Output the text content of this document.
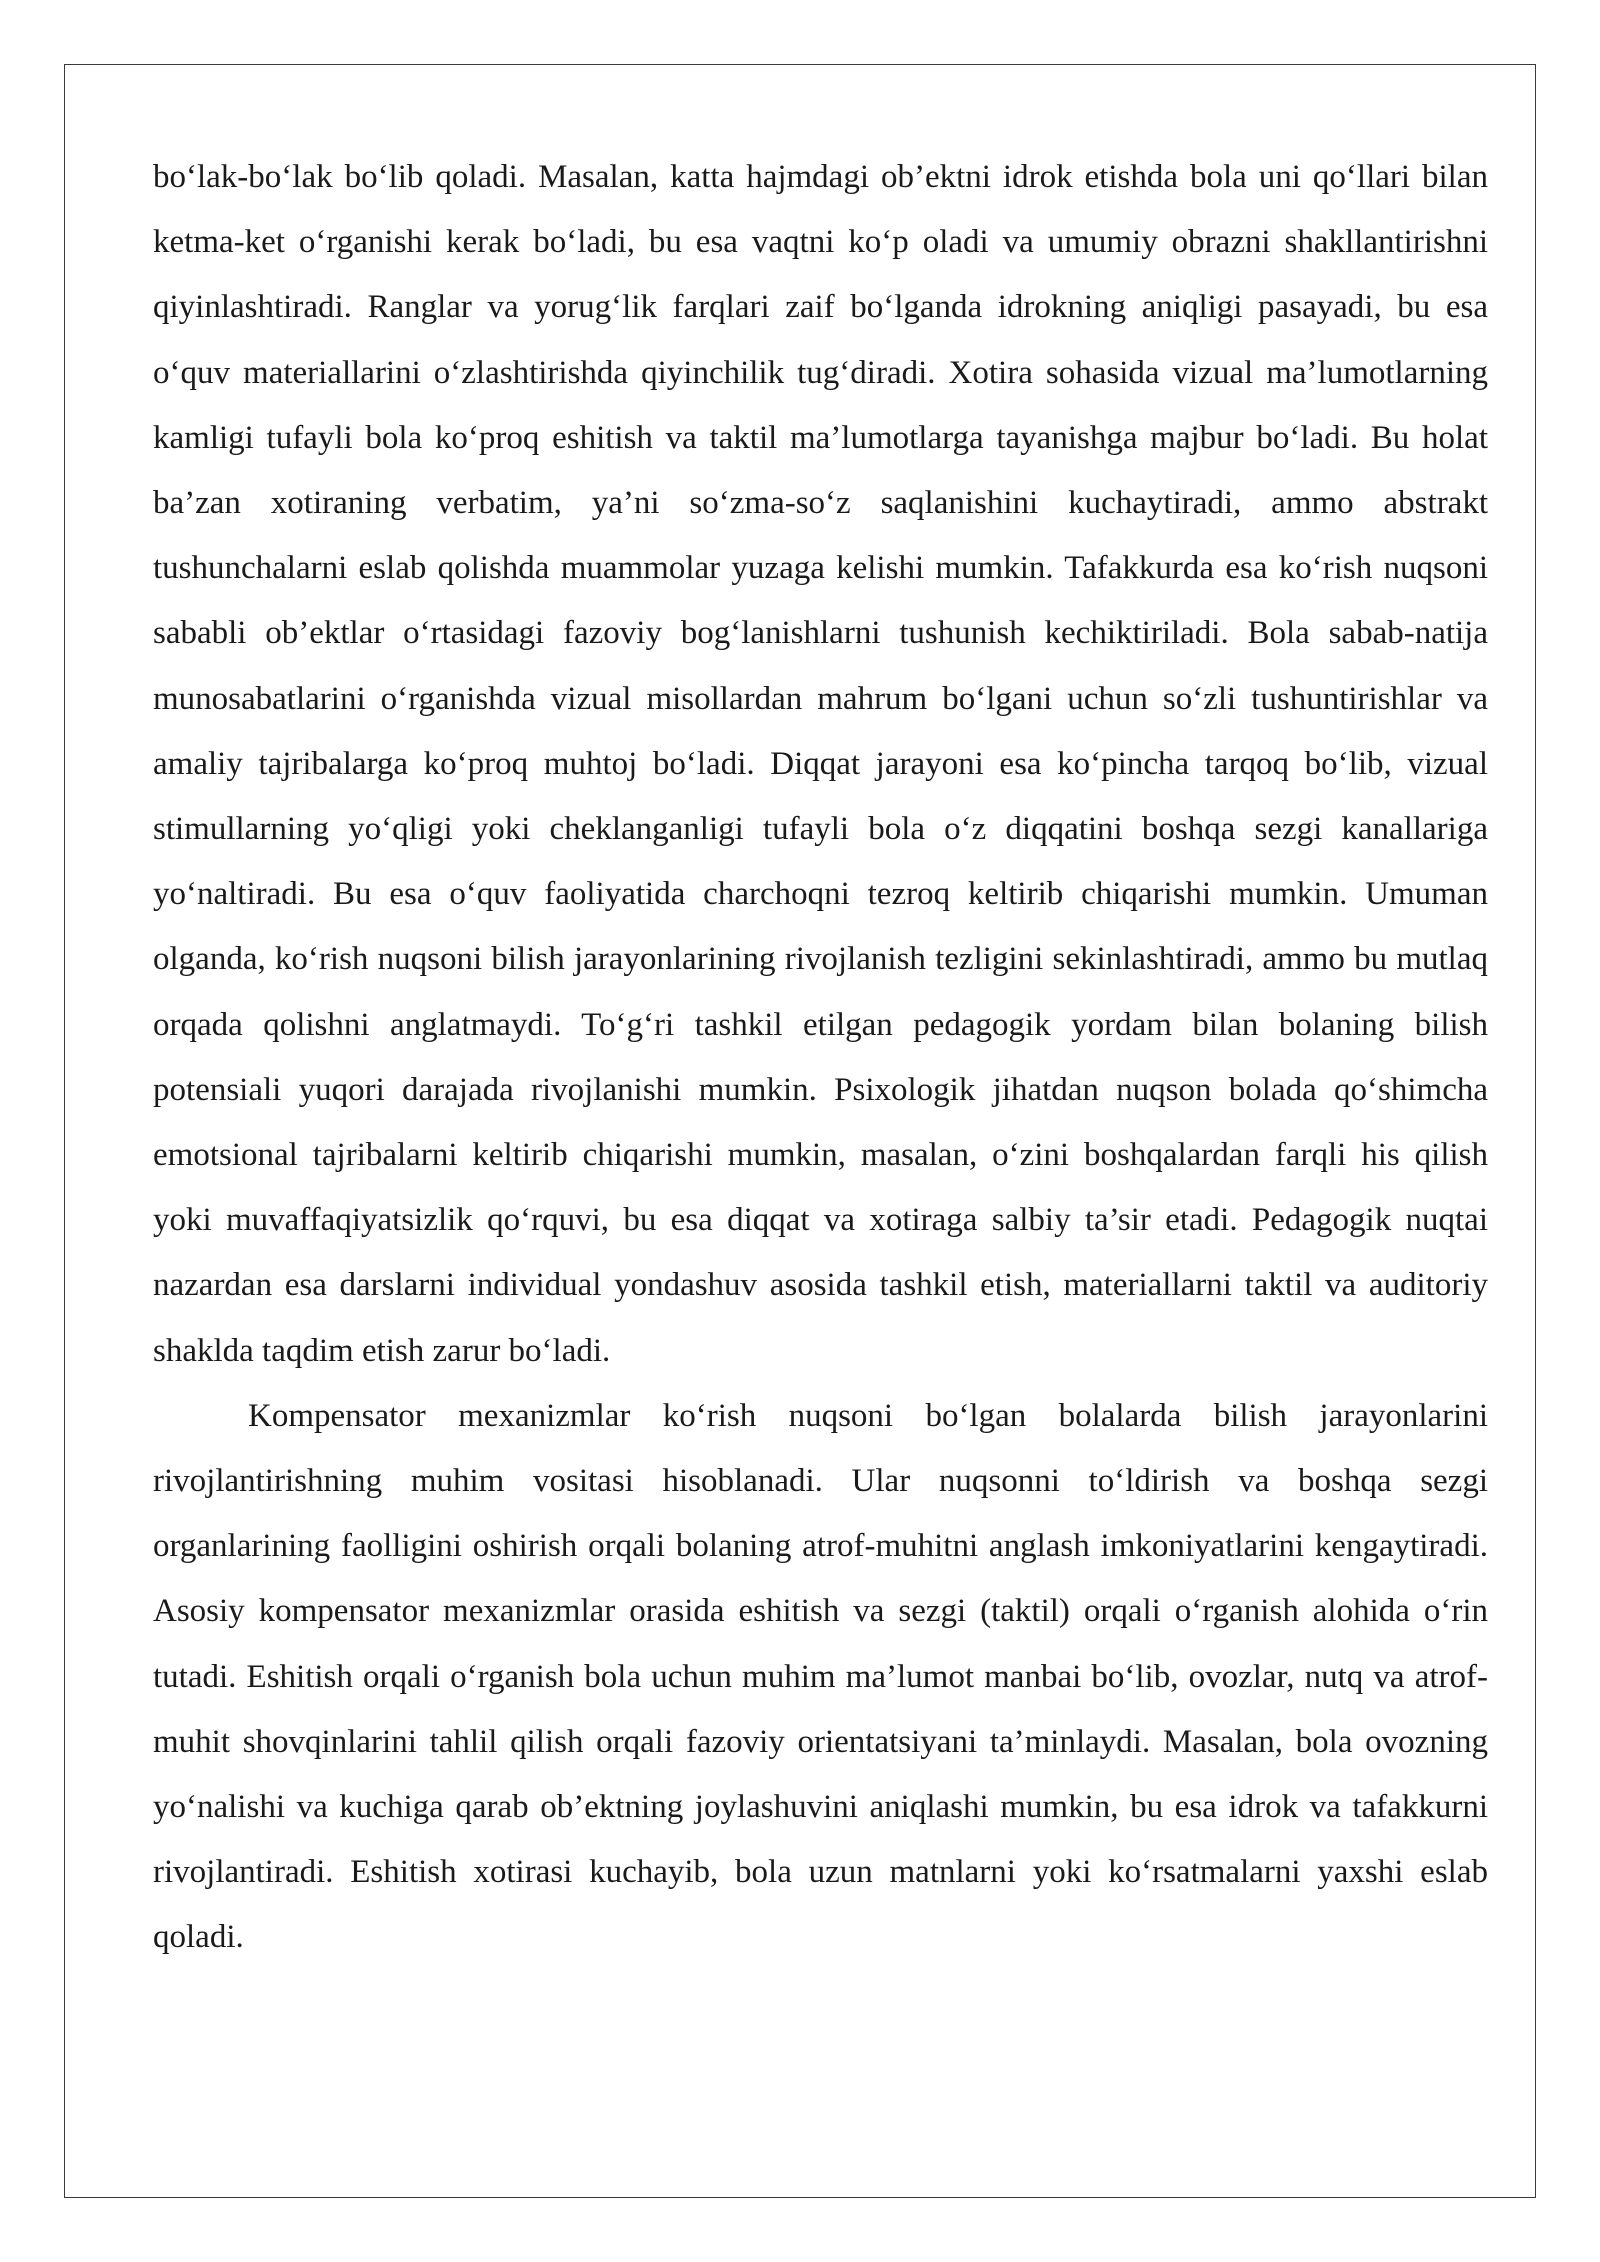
bo‘lak-bo‘lak bo‘lib qoladi. Masalan, katta hajmdagi ob’ektni idrok etishda bola uni qo‘llari bilan ketma-ket o‘rganishi kerak bo‘ladi, bu esa vaqtni ko‘p oladi va umumiy obrazni shakllantirishni qiyinlashtiradi. Ranglar va yorug‘lik farqlari zaif bo‘lganda idrokning aniqligi pasayadi, bu esa o‘quv materiallarini o‘zlashtirishda qiyinchilik tug‘diradi. Xotira sohasida vizual ma’lumotlarning kamligi tufayli bola ko‘proq eshitish va taktil ma’lumotlarga tayanishga majbur bo‘ladi. Bu holat ba’zan xotiraning verbatim, ya’ni so‘zma-so‘z saqlanishini kuchaytiradi, ammo abstrakt tushunchalarni eslab qolishda muammolar yuzaga kelishi mumkin. Tafakkurda esa ko‘rish nuqsoni sababli ob’ektlar o‘rtasidagi fazoviy bog‘lanishlarni tushunish kechiktiriladi. Bola sabab-natija munosabatlarini o‘rganishda vizual misollardan mahrum bo‘lgani uchun so‘zli tushuntirishlar va amaliy tajribalarga ko‘proq muhtoj bo‘ladi. Diqqat jarayoni esa ko‘pincha tarqoq bo‘lib, vizual stimullarning yo‘qligi yoki cheklanganligi tufayli bola o‘z diqqatini boshqa sezgi kanallariga yo‘naltiradi. Bu esa o‘quv faoliyatida charchoqni tezroq keltirib chiqarishi mumkin. Umuman olganda, ko‘rish nuqsoni bilish jarayonlarining rivojlanish tezligini sekinlashtiradi, ammo bu mutlaq orqada qolishni anglatmaydi. To‘g‘ri tashkil etilgan pedagogik yordam bilan bolaning bilish potensiali yuqori darajada rivojlanishi mumkin. Psixologik jihatdan nuqson bolada qo‘shimcha emotsional tajribalarni keltirib chiqarishi mumkin, masalan, o‘zini boshqalardan farqli his qilish yoki muvaffaqiyatsizlik qo‘rquvi, bu esa diqqat va xotiraga salbiy ta’sir etadi. Pedagogik nuqtai nazardan esa darslarni individual yondashuv asosida tashkil etish, materiallarni taktil va auditoriy shaklda taqdim etish zarur bo‘ladi.

Kompensator mexanizmlar ko‘rish nuqsoni bo‘lgan bolalarda bilish jarayonlarini rivojlantirishning muhim vositasi hisoblanadi. Ular nuqsonni to‘ldirish va boshqa sezgi organlarining faolligini oshirish orqali bolaning atrof-muhitni anglash imkoniyatlarini kengaytiradi. Asosiy kompensator mexanizmlar orasida eshitish va sezgi (taktil) orqali o‘rganish alohida o‘rin tutadi. Eshitish orqali o‘rganish bola uchun muhim ma’lumot manbai bo‘lib, ovozlar, nutq va atrof-muhit shovqinlarini tahlil qilish orqali fazoviy orientatsiyani ta’minlaydi. Masalan, bola ovozning yo‘nalishi va kuchiga qarab ob’ektning joylashuvini aniqlashi mumkin, bu esa idrok va tafakkurni rivojlantiradi. Eshitish xotirasi kuchayib, bola uzun matnlarni yoki ko‘rsatmalarni yaxshi eslab qoladi.
